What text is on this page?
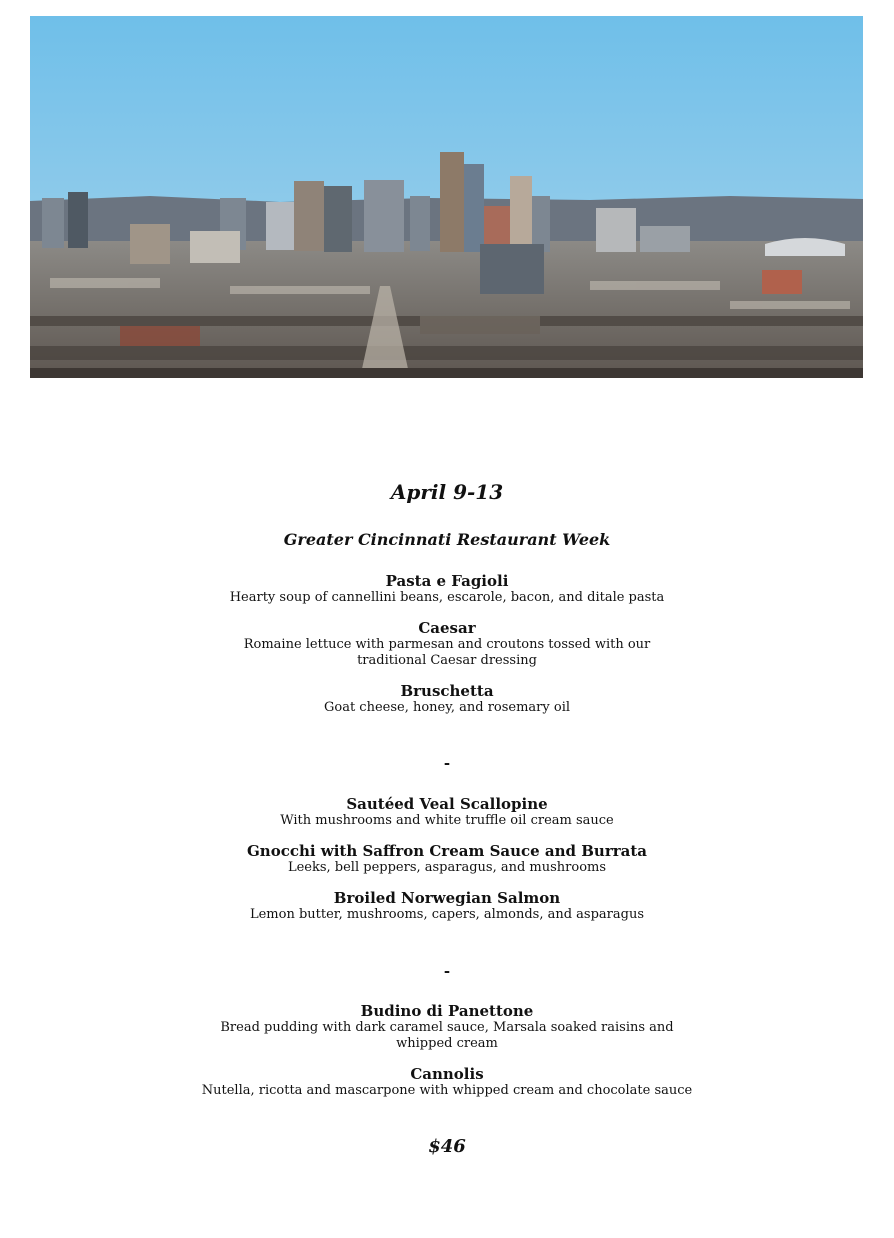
April 9-13
Greater Cincinnati Restaurant Week
Pasta e Fagioli
Hearty soup of cannellini beans, escarole, bacon, and ditale pasta
Caesar
Romaine lettuce with parmesan and croutons tossed with our traditional Caesar dressing
Bruschetta
Goat cheese, honey, and rosemary oil
-
Sautéed Veal Scallopine
With mushrooms and white truffle oil cream sauce
Gnocchi with Saffron Cream Sauce and Burrata
Leeks, bell peppers, asparagus, and mushrooms
Broiled Norwegian Salmon
Lemon butter, mushrooms, capers, almonds, and asparagus
-
Budino di Panettone
Bread pudding with dark caramel sauce, Marsala soaked raisins and whipped cream
Cannolis
Nutella, ricotta and mascarpone with whipped cream and chocolate sauce
$46
